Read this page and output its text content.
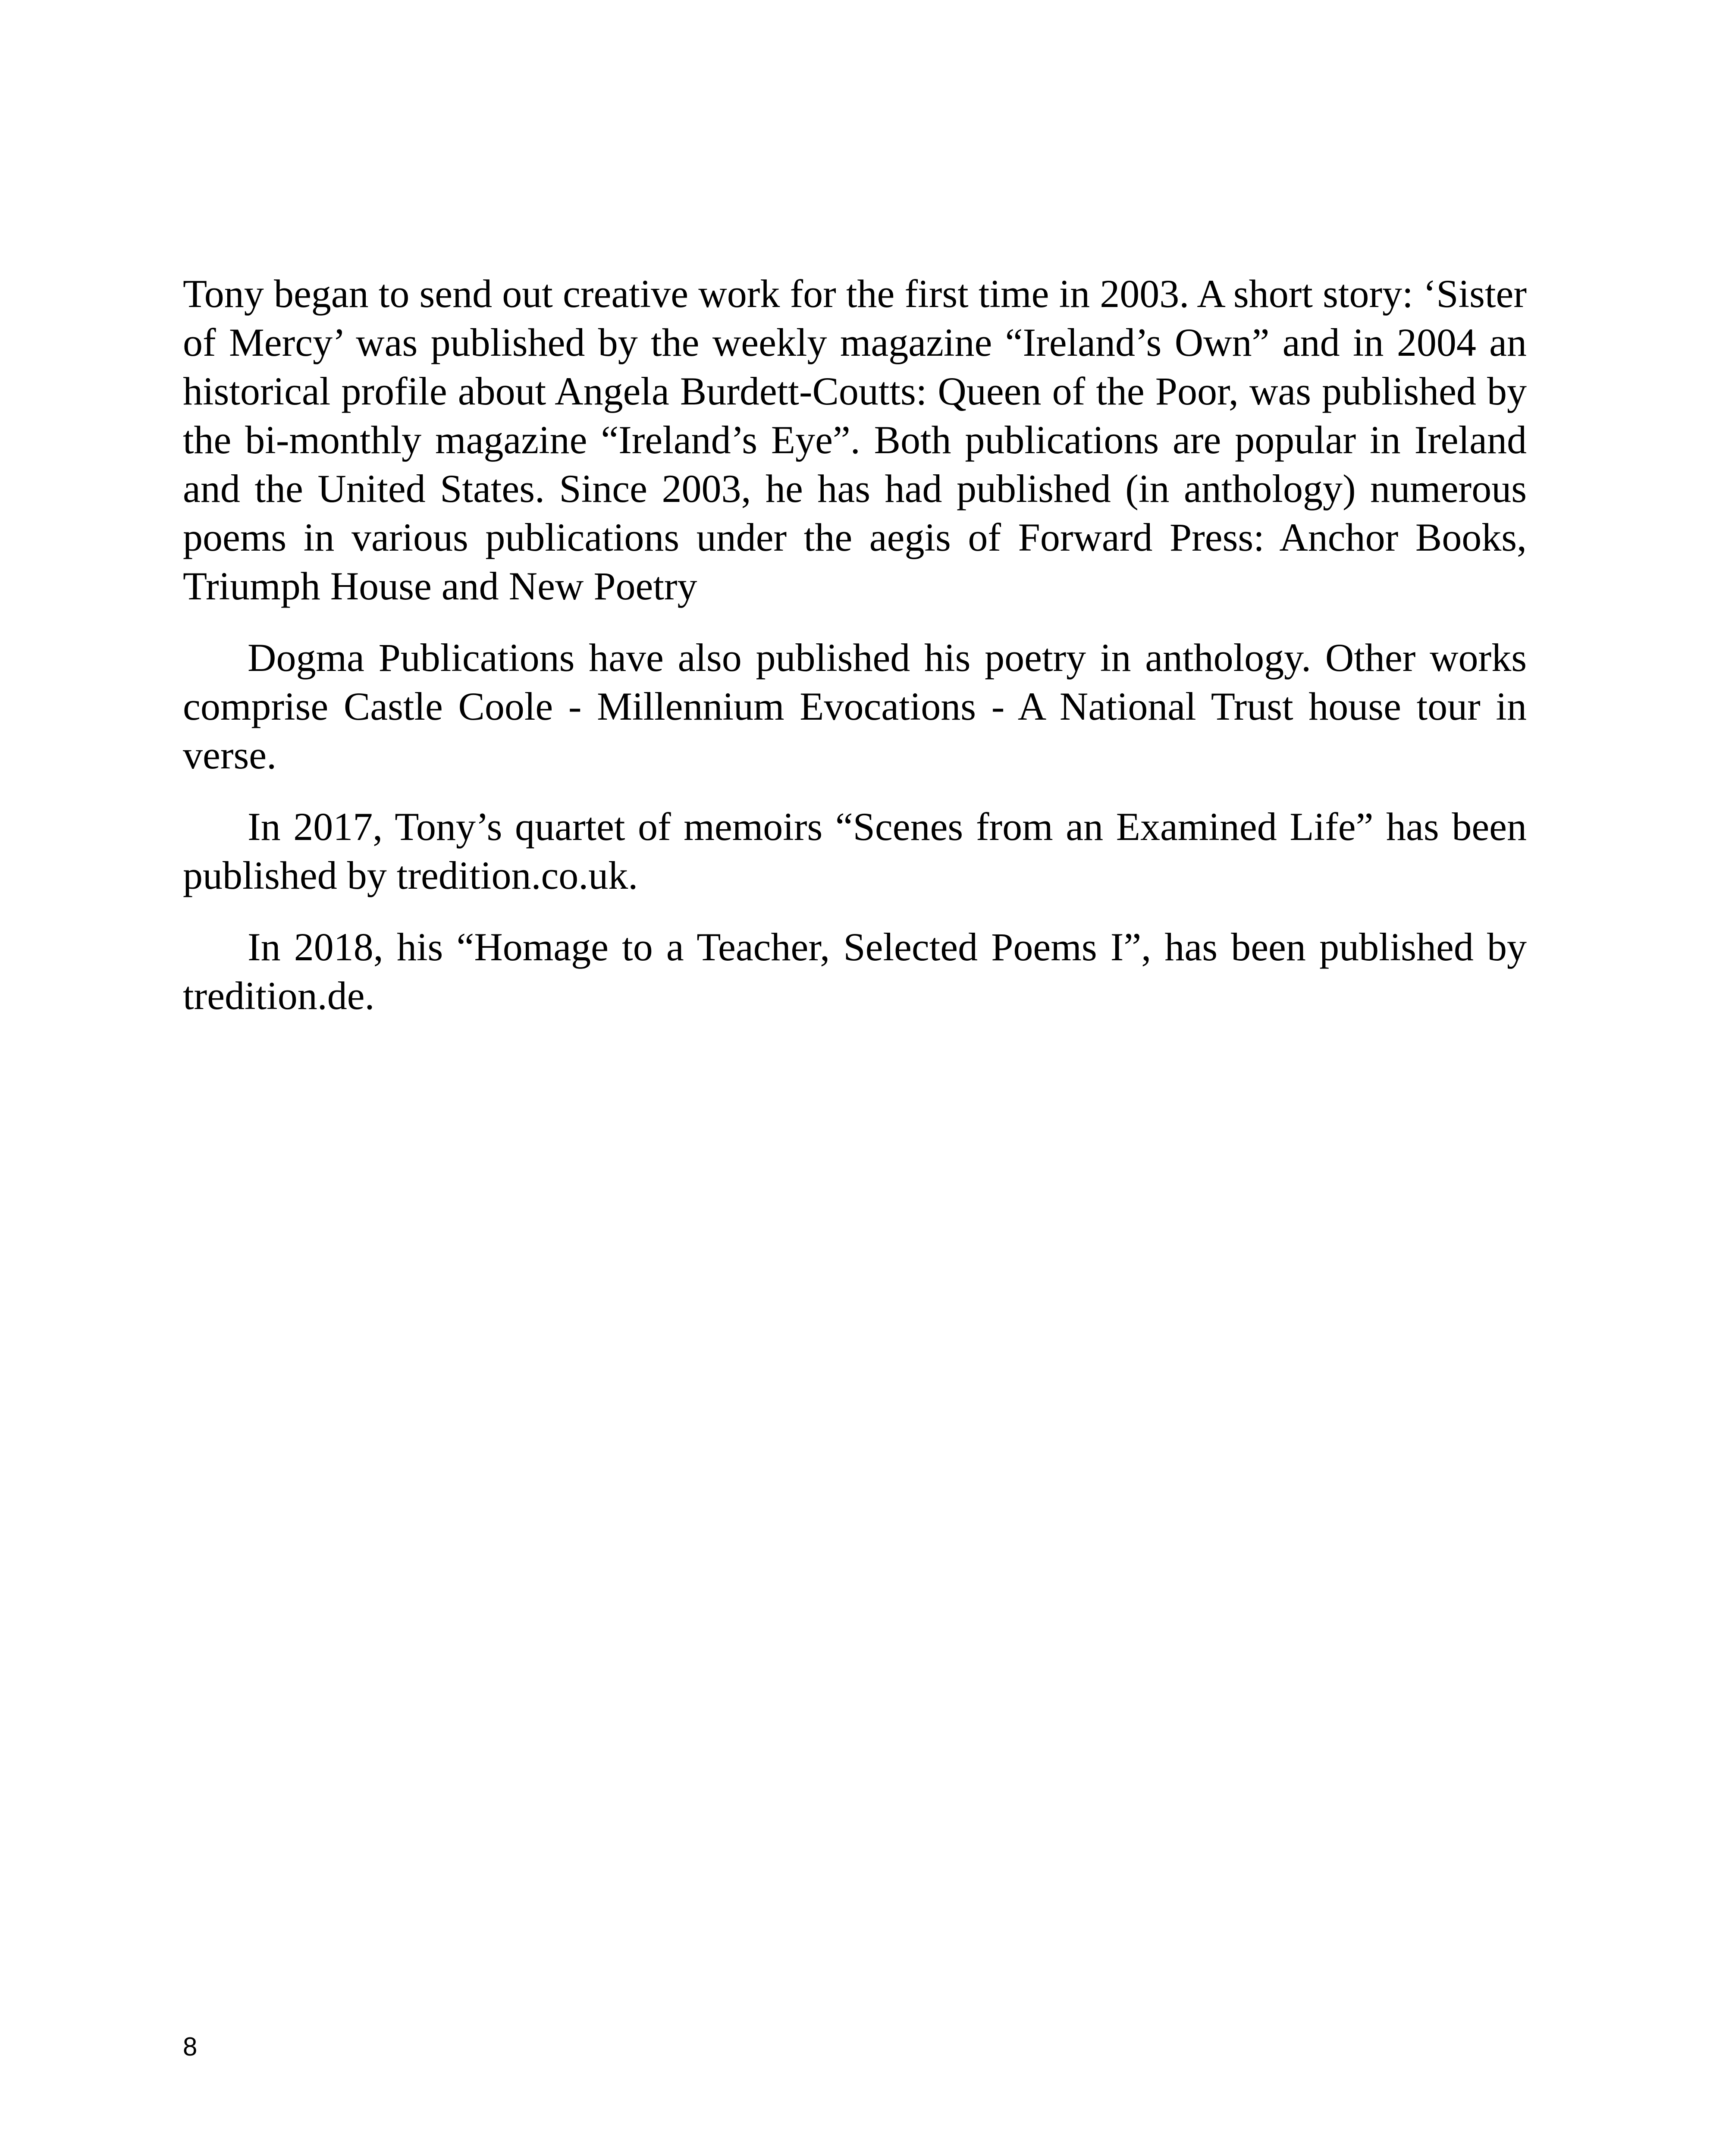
Tony began to send out creative work for the first time in 2003. A short story: ‘Sister of Mercy’ was published by the weekly magazine “Ireland’s Own” and in 2004 an historical profile about Angela Burdett-Coutts: Queen of the Poor, was published by the bi-monthly magazine “Ireland’s Eye”. Both publications are popular in Ireland and the United States. Since 2003, he has had published (in anthology) numerous poems in various publications under the aegis of Forward Press: Anchor Books, Triumph House and New Poetry

Dogma Publications have also published his poetry in anthology. Other works comprise Castle Coole - Millennium Evocations - A National Trust house tour in verse.

In 2017, Tony’s quartet of memoirs “Scenes from an Examined Life” has been published by tredition.co.uk.

In 2018, his “Homage to a Teacher, Selected Poems I”, has been published by tredition.de.

8
